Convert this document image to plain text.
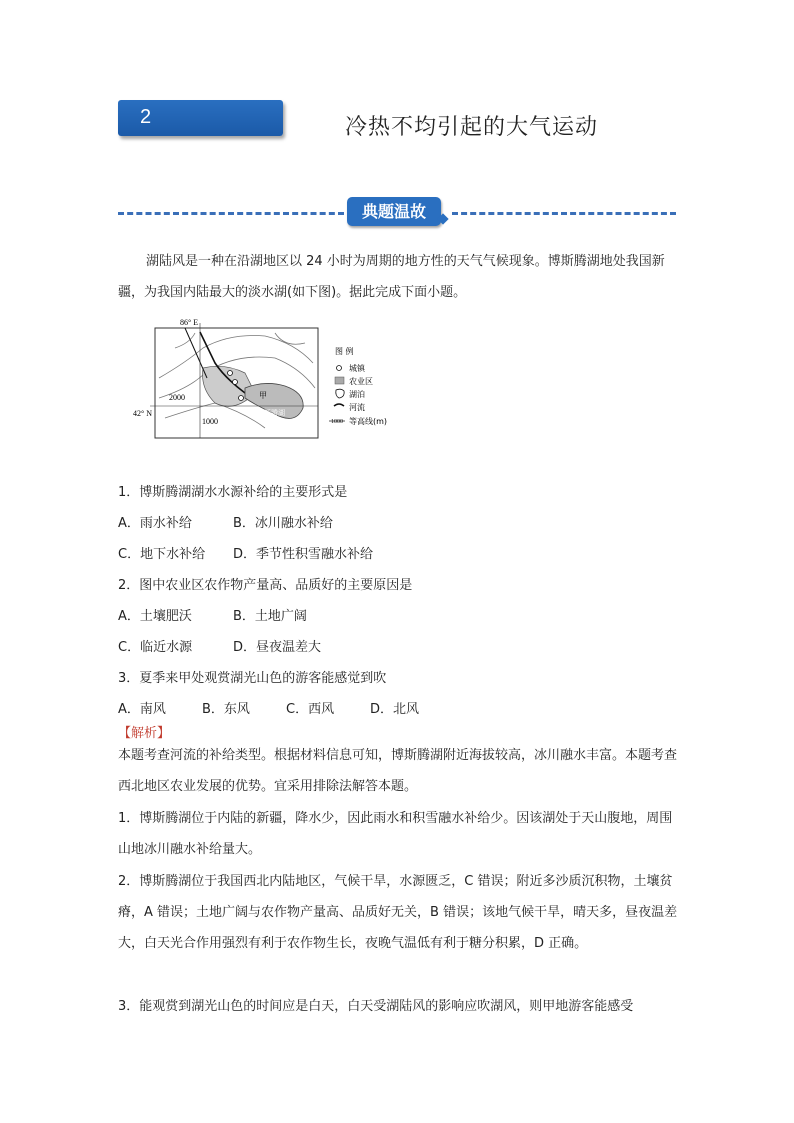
2	冷热不均引起的大气运动
典题温故
湖陆风是一种在沿湖地区以 24 小时为周期的地方性的天气气候现象。博斯腾湖地处我国新疆，为我国内陆最大的淡水湖(如下图)。据此完成下面小题。
86° E
42° N
2000
1000
博斯腾湖
甲
图 例
城镇
农业区
湖泊
河流
1000 等高线(m)
1．博斯腾湖湖水水源补给的主要形式是
A．雨水补给	B．冰川融水补给
C．地下水补给 D．季节性积雪融水补给
2．图中农业区农作物产量高、品质好的主要原因是
A．土壤肥沃	B．土地广阔
C．临近水源	D．昼夜温差大
3．夏季来甲处观赏湖光山色的游客能感觉到吹
A．南风	B．东风	C．西风	D．北风
【解析】
本题考查河流的补给类型。根据材料信息可知，博斯腾湖附近海拔较高，冰川融水丰富。本题考查西北地区农业发展的优势。宜采用排除法解答本题。
1．博斯腾湖位于内陆的新疆，降水少，因此雨水和积雪融水补给少。因该湖处于天山腹地，周围山地冰川融水补给量大。
2．博斯腾湖位于我国西北内陆地区，气候干旱，水源匮乏，C 错误；附近多沙质沉积物，土壤贫瘠，A 错误；土地广阔与农作物产量高、品质好无关，B 错误；该地气候干旱，晴天多，昼夜温差大，白天光合作用强烈有利于农作物生长，夜晚气温低有利于糖分积累，D 正确。
3．能观赏到湖光山色的时间应是白天，白天受湖陆风的影响应吹湖风，则甲地游客能感受
